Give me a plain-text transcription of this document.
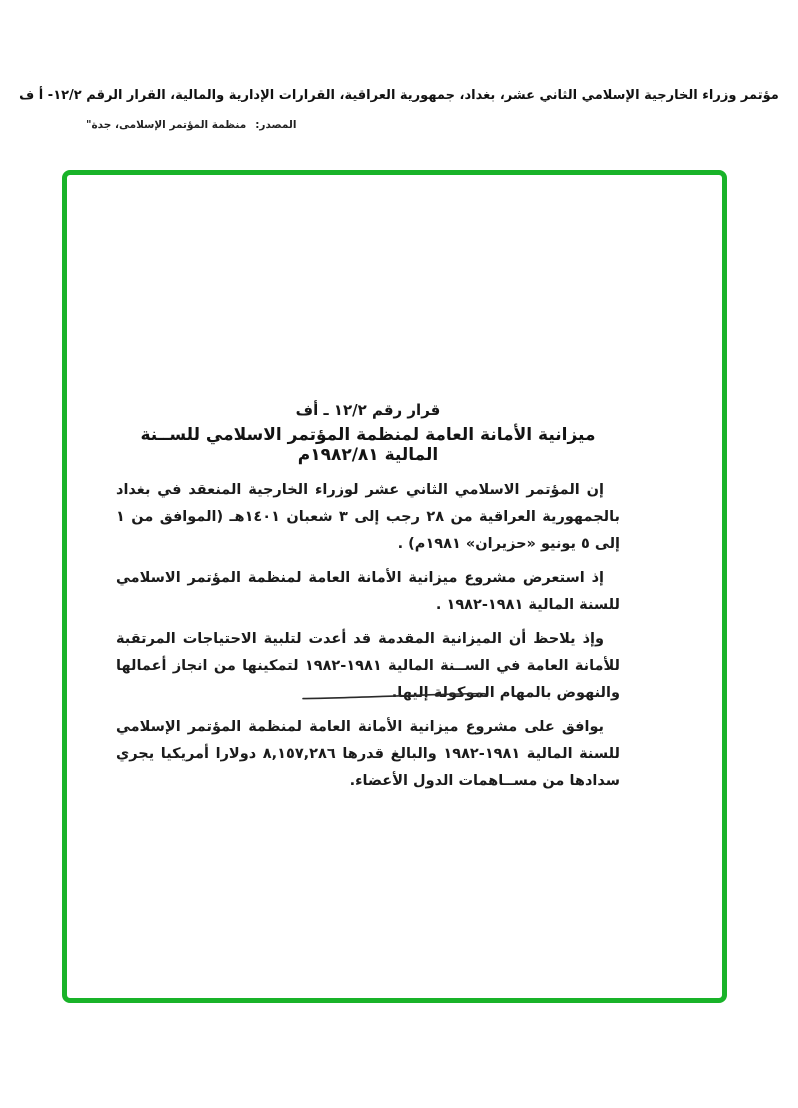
مؤتمر وزراء الخارجية الإسلامي الثاني عشر، بغداد، جمهورية العراقية، القرارات الإدارية والمالية، القرار الرقم ١٢/٢- أ ف
المصدر:
منظمة المؤتمر الإسلامى، جدة"

قرار رقم ١٢/٢ ـ أف

ميزانية الأمانة العامة لمنظمة المؤتمر الاسلامي للســنة المالية ١٩٨٢/٨١م

إن المؤتمر الاسلامي الثاني عشر لوزراء الخارجية المنعقد في بغداد بالجمهورية العراقية من ٢٨ رجب إلى ٣ شعبان ١٤٠١هـ (الموافق من ١ إلى ٥ يونيو «حزيران» ١٩٨١م) .

إذ استعرض مشروع ميزانية الأمانة العامة لمنظمة المؤتمر الاسلامي للسنة المالية ١٩٨١-١٩٨٢ .

وإذ يلاحظ أن الميزانية المقدمة قد أعدت لتلبية الاحتياجات المرتقبة للأمانة العامة في الســنة المالية ١٩٨١-١٩٨٢ لتمكينها من انجاز أعمالها والنهوض بالمهام الموكولة إليها.

يوافق على مشروع ميزانية الأمانة العامة لمنظمة المؤتمر الإسلامي للسنة المالية ١٩٨١-١٩٨٢ والبالغ قدرها ٨,١٥٧,٢٨٦ دولارا أمريكيا يجري سدادها من مســاهمات الدول الأعضاء.
